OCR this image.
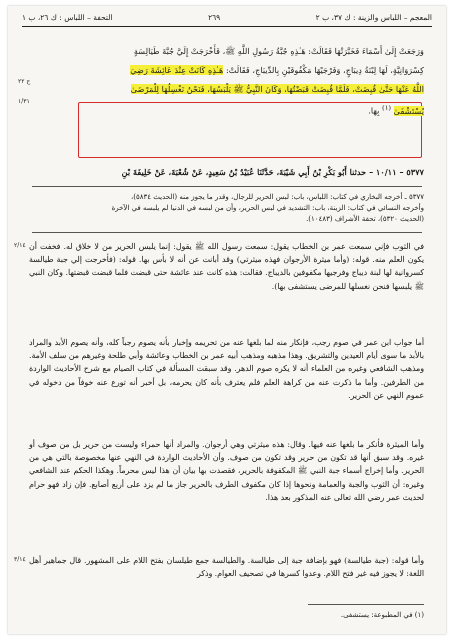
المعجم – اللباس والزينة : ك ٣٧، ب ٢
٢٦٩
التحفة – اللباس : ك ٢٦، ب ١
ح ٢٢
١/٣١

وَرَجَعَتْ إِلَىٰ أَسْمَاءَ فَخَبَّرَتْهَا فَقَالَتْ: هَـٰذِهِ جُبَّةُ رَسُولِ اللَّهِ ﷺ، فَأَخْرَجَتْ إِلَيَّ جُبَّةَ طَيَالِسَةٍ
كِسْرَوَانِيَّةٍ، لَهَا لِبْنَةُ دِيبَاجٍ، وَفَرْجَيْهَا مَكْفُوفَيْنِ بِالدِّيبَاجِ، فَقَالَتْ: هَـٰذِهِ كَانَتْ عِنْدَ عَائِشَةَ رَضِيَ
اللَّهُ عَنْهَا حَتَّىٰ قُبِضَتْ، فَلَمَّا قُبِضَتْ قَبَضْتُهَا، وَكَانَ النَّبِيُّ ﷺ يَلْبَسُهَا، فَنَحْنُ نَغْسِلُهَا لِلْمَرْضَىٰ
يُسْتَشْفَىٰ $^{(١)}$ بِهَا.

٥٣٧٧ – ١٠/١١ – حدثنا أَبُو بَكْرِ بْنُ أَبِي شَيْبَةَ، حَدَّثَنَا عُبَيْدُ بْنُ سَعِيدٍ، عَنْ شُعْبَةَ، عَنْ خَلِيفَةَ بْنِ

٥٣٧٧ ـ أخرجه البخاري في كتاب: اللباس، باب: لبس الحرير للرجال، وقدر ما يجوز منه (الحديث ٥٨٣٤)،
وأخرجه النسائي في كتاب: الزينة، باب: التشديد في لبس الحرير، وأن من لبسه في الدنيا لم يلبسه في الآخرة
(الحديث ٥٣٢٠)، تحفة الأشراف (١٠٤٨٣).

٢/١٤ في الثوب فإني سمعت عمر بن الخطاب يقول: سمعت رسول الله ﷺ يقول: إنما يلبس الحرير من لا خلاق له. فخفت أن يكون العلم منه. قوله: (وأما ميثرة الأرجوان فهذه ميثرتي) وقد أبانت عن أنه لا بأس بها. قوله: (فأخرجت إلي جبة طيالسة كسروانية لها لبنة ديباج وفرجيها مكفوفين بالديباج. فقالت: هذه كانت عند عائشة حتى قبضت فلما قبضت قبضتها. وكان النبي ﷺ يلبسها فنحن نغسلها للمرضى يستشفى بها).

أما جواب ابن عمر في صوم رجب، فإنكار منه لما بلغها عنه من تحريمه وإخبار بأنه يصوم رجباً كله، وأنه يصوم الأبد والمراد بالأبد ما سوى أيام العيدين والتشريق. وهذا مذهبه ومذهب أبيه عمر بن الخطاب وعائشة وأبي طلحة وغيرهم من سلف الأمة. ومذهب الشافعي وغيره من العلماء أنه لا يكره صوم الدهر. وقد سبقت المسألة في كتاب الصيام مع شرح الأحاديث الواردة من الطرفين. وأما ما ذكرت عنه من كراهة العلم فلم يعترف بأنه كان يحرمه، بل أخبر أنه تورع عنه خوفاً من دخوله في عموم النهي عن الحرير.

وأما الميثرة فأنكر ما بلغها عنه فيها. وقال: هذه ميثرتي وهي أرجوان. والمراد أنها حمراء وليست من حرير بل من صوف أو غيره. وقد سبق أنها قد تكون من حرير وقد تكون من صوف. وأن الأحاديث الواردة في النهي عنها مخصوصة بالتي هي من الحرير. وأما إخراج أسماء جبة النبي ﷺ المكفوفة بالحرير، فقصدت بها بيان أن هذا ليس محرماً. وهكذا الحكم عند الشافعي وغيره: أن الثوب والجبة والعمامة ونحوها إذا كان مكفوف الطرف بالحرير جاز ما لم يزد على أربع أصابع. فإن زاد فهو حرام لحديث عمر رضي الله تعالى عنه المذكور بعد هذا.

٣/١٤ وأما قوله: (جبة طيالسة) فهو بإضافة جبة إلى طيالسة. والطيالسة جمع طيلسان بفتح اللام على المشهور. قال جماهير أهل اللغة: لا يجوز فيه غير فتح اللام. وعدوا كسرها في تصحيف العوام. وذكر

(١) في المطبوعة: يستشفى.
